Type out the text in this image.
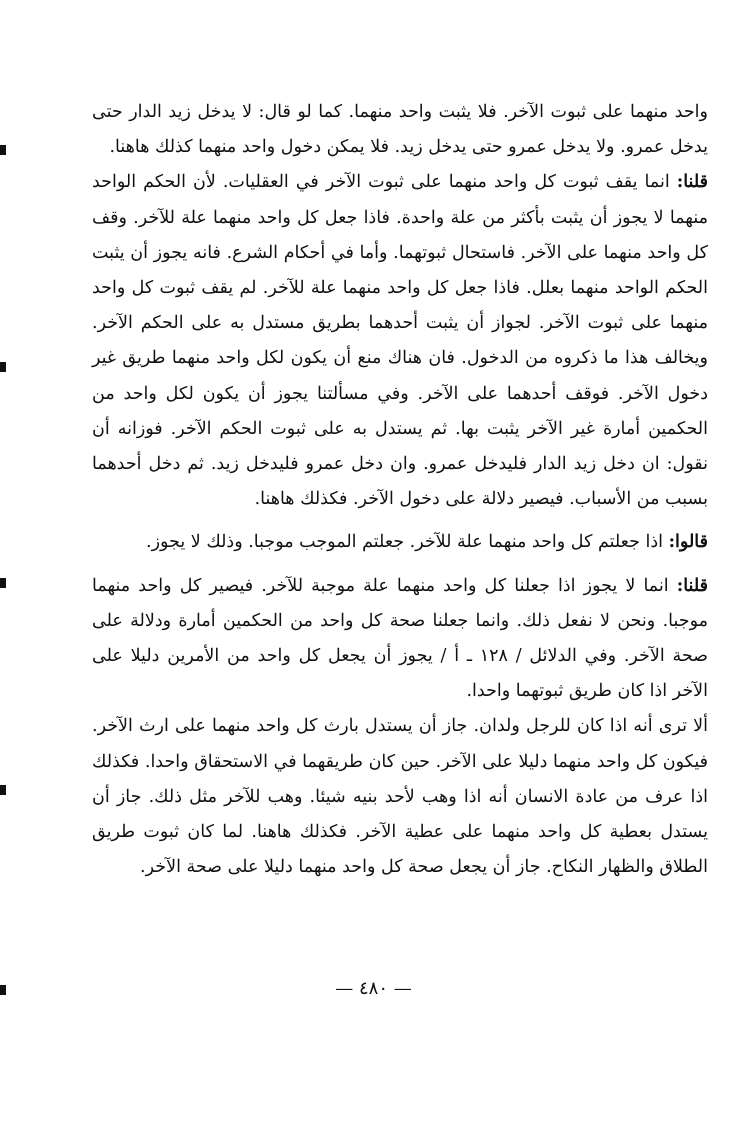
واحد منهما على ثبوت الآخر. فلا يثبت واحد منهما. كما لو قال: لا يدخل زيد الدار حتى يدخل عمرو. ولا يدخل عمرو حتى يدخل زيد. فلا يمكن دخول واحد منهما كذلك هاهنا.

قلنا: انما يقف ثبوت كل واحد منهما على ثبوت الآخر في العقليات. لأن الحكم الواحد منهما لا يجوز أن يثبت بأكثر من علة واحدة. فاذا جعل كل واحد منهما علة للآخر. وقف كل واحد منهما على الآخر. فاستحال ثبوتهما. وأما في أحكام الشرع. فانه يجوز أن يثبت الحكم الواحد منهما بعلل. فاذا جعل كل واحد منهما علة للآخر. لم يقف ثبوت كل واحد منهما على ثبوت الآخر. لجواز أن يثبت أحدهما بطريق مستدل به على الحكم الآخر. ويخالف هذا ما ذكروه من الدخول. فان هناك منع أن يكون لكل واحد منهما طريق غير دخول الآخر. فوقف أحدهما على الآخر. وفي مسألتنا يجوز أن يكون لكل واحد من الحكمين أمارة غير الآخر يثبت بها. ثم يستدل به على ثبوت الحكم الآخر. فوزانه أن نقول: ان دخل زيد الدار فليدخل عمرو. وان دخل عمرو فليدخل زيد. ثم دخل أحدهما بسبب من الأسباب. فيصير دلالة على دخول الآخر. فكذلك هاهنا.

قالوا: اذا جعلتم كل واحد منهما علة للآخر. جعلتم الموجب موجبا. وذلك لا يجوز.

قلنا: انما لا يجوز اذا جعلنا كل واحد منهما علة موجبة للآخر. فيصير كل واحد منهما موجبا. ونحن لا نفعل ذلك. وانما جعلنا صحة كل واحد من الحكمين أمارة ودلالة على صحة الآخر. وفي الدلائل / ١٢٨ ـ أ / يجوز أن يجعل كل واحد من الأمرين دليلا على الآخر اذا كان طريق ثبوتهما واحدا.

ألا ترى أنه اذا كان للرجل ولدان. جاز أن يستدل بارث كل واحد منهما على ارث الآخر. فيكون كل واحد منهما دليلا على الآخر. حين كان طريقهما في الاستحقاق واحدا. فكذلك اذا عرف من عادة الانسان أنه اذا وهب لأحد بنيه شيئا. وهب للآخر مثل ذلك. جاز أن يستدل بعطية كل واحد منهما على عطية الآخر. فكذلك هاهنا. لما كان ثبوت طريق الطلاق والظهار النكاح. جاز أن يجعل صحة كل واحد منهما دليلا على صحة الآخر.

— ٤٨٠ —
